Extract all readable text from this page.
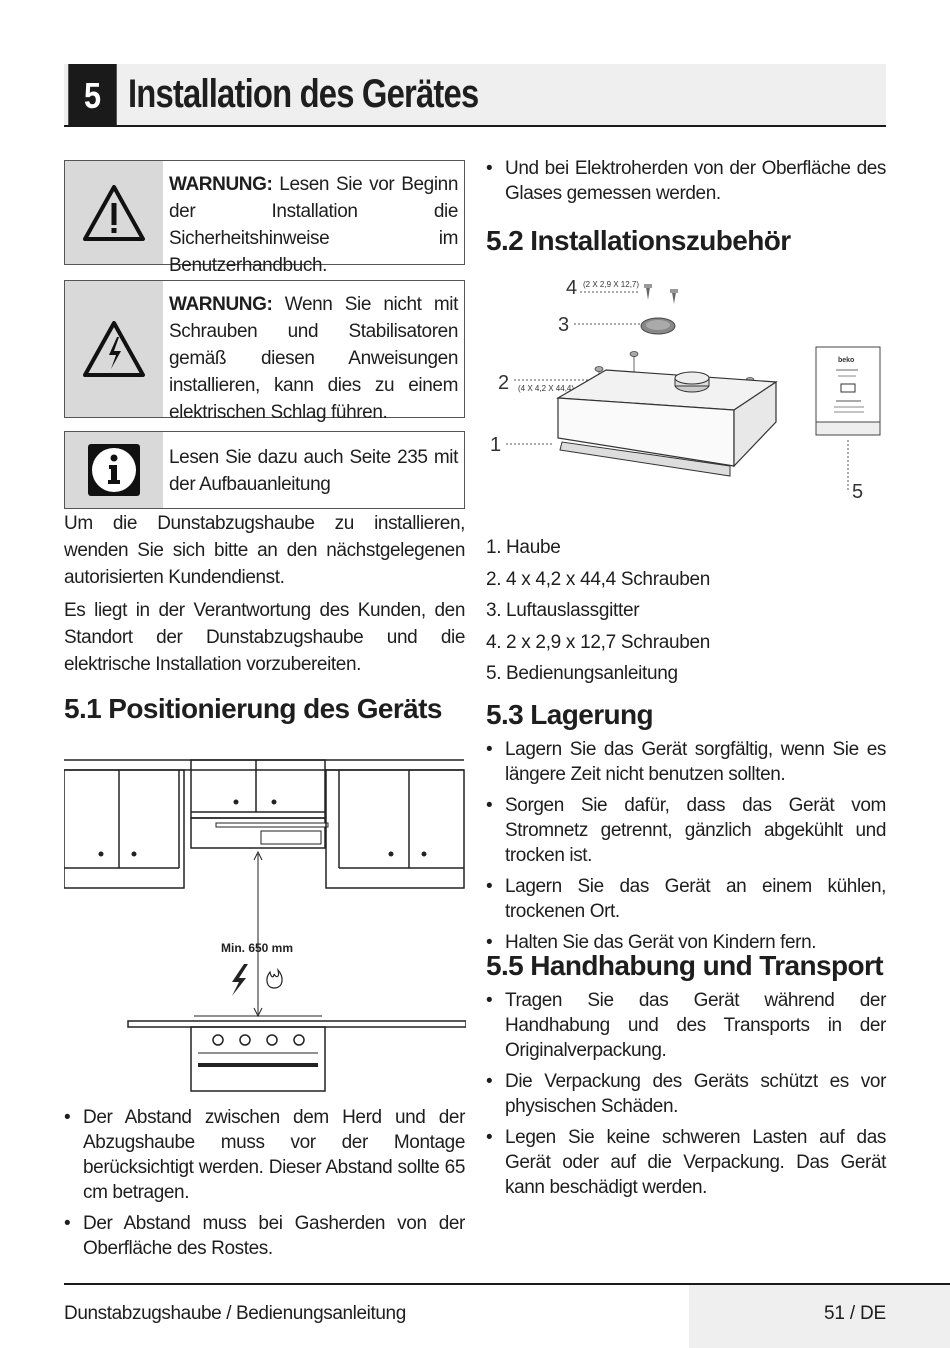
5 Installation des Gerätes
WARNUNG: Lesen Sie vor Beginn der Installation die Sicherheitshinweise im Benutzerhandbuch.
WARNUNG: Wenn Sie nicht mit Schrauben und Stabilisatoren gemäß diesen Anweisungen installieren, kann dies zu einem elektrischen Schlag führen.
Lesen Sie dazu auch Seite 235 mit der Aufbauanleitung

Um die Dunstabzugshaube zu installieren, wenden Sie sich bitte an den nächstgelegenen autorisierten Kundendienst.

Es liegt in der Verantwortung des Kunden, den Standort der Dunstabzugshaube und die elektrische Installation vorzubereiten.

5.1 Positionierung des Geräts
Min. 650 mm
• Der Abstand zwischen dem Herd und der Abzugshaube muss vor der Montage berücksichtigt werden. Dieser Abstand sollte 65 cm betragen.
• Der Abstand muss bei Gasherden von der Oberfläche des Rostes.
• Und bei Elektroherden von der Oberfläche des Glases gemessen werden.
5.2 Installationszubehör
4 (2 X 2,9 X 12,7)
3
2 (4 X 4,2 X 44,4)
1
beko
5
1. Haube
2. 4 x 4,2 x 44,4 Schrauben
3. Luftauslassgitter
4. 2 x 2,9 x 12,7 Schrauben
5. Bedienungsanleitung
5.3 Lagerung
• Lagern Sie das Gerät sorgfältig, wenn Sie es längere Zeit nicht benutzen sollten.
• Sorgen Sie dafür, dass das Gerät vom Stromnetz getrennt, gänzlich abgekühlt und trocken ist.
• Lagern Sie das Gerät an einem kühlen, trockenen Ort.
• Halten Sie das Gerät von Kindern fern.
5.5 Handhabung und Transport
• Tragen Sie das Gerät während der Handhabung und des Transports in der Originalverpackung.
• Die Verpackung des Geräts schützt es vor physischen Schäden.
• Legen Sie keine schweren Lasten auf das Gerät oder auf die Verpackung. Das Gerät kann beschädigt werden.
Dunstabzugshaube / Bedienungsanleitung	51 / DE
